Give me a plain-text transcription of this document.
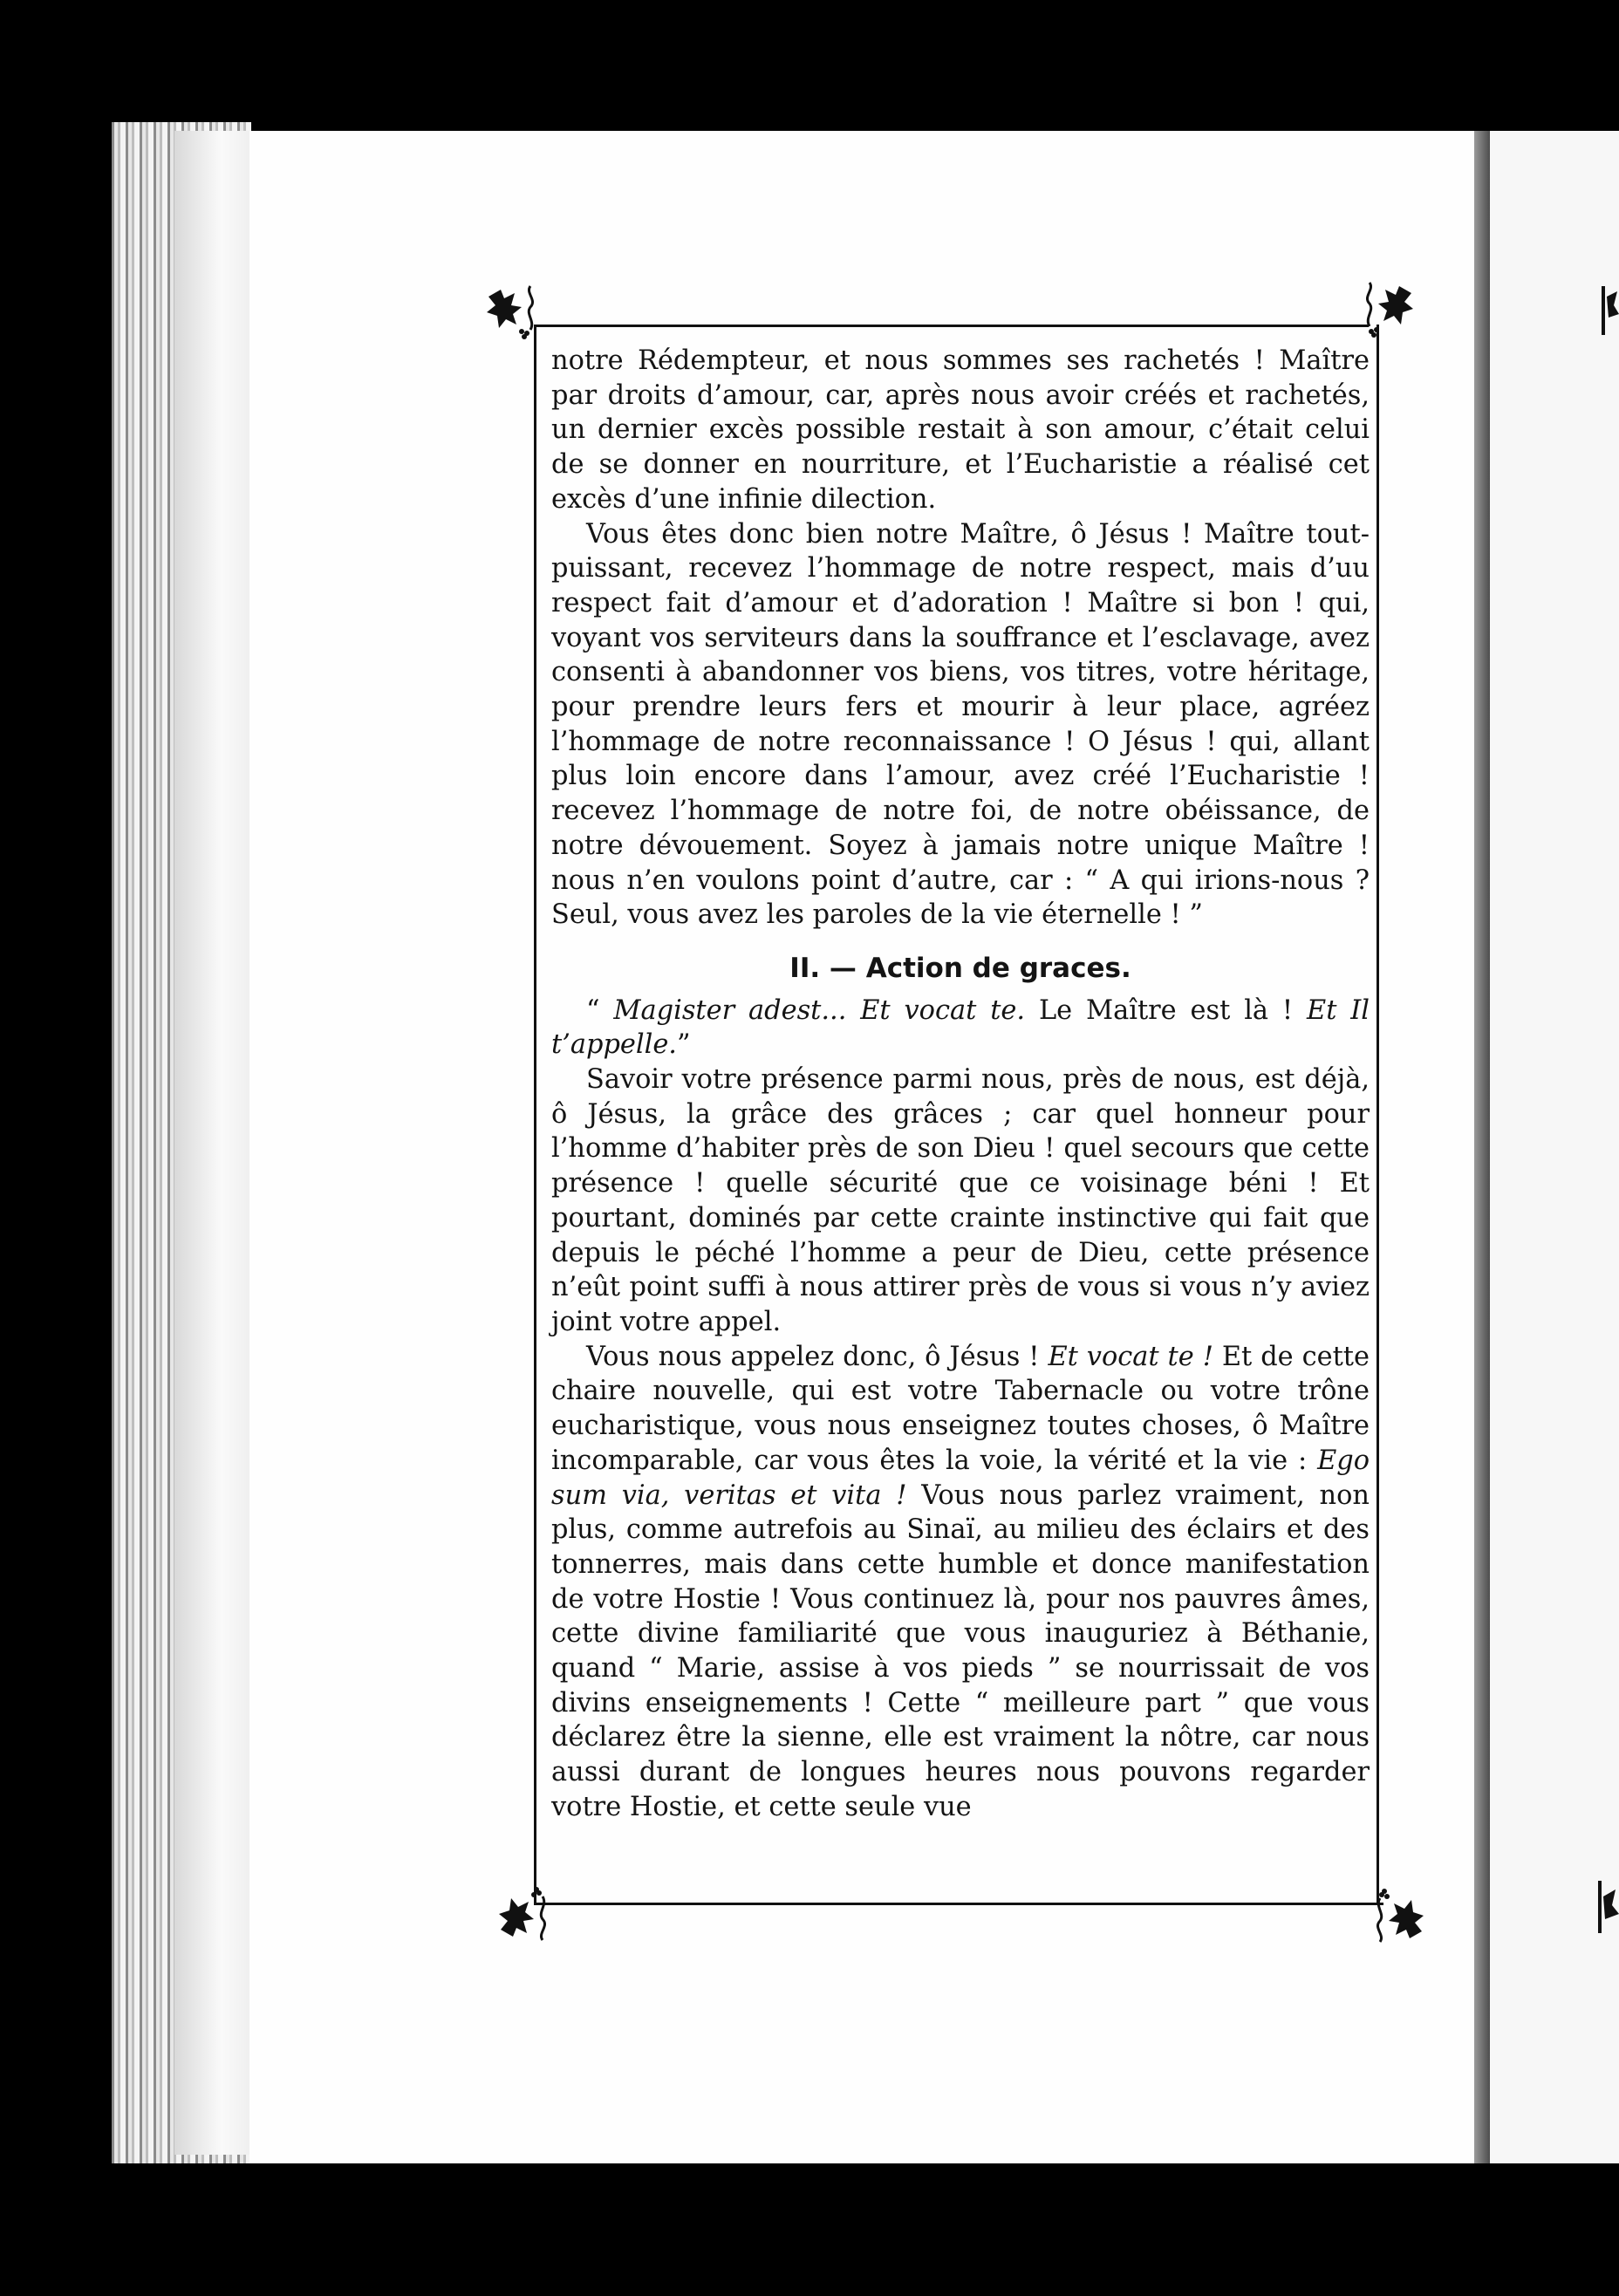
notre Rédempteur, et nous sommes ses rachetés ! Maître par droits d’amour, car, après nous avoir créés et rachetés, un dernier excès possible restait à son amour, c’était celui de se donner en nourriture, et l’Eucharistie a réalisé cet excès d’une infinie dilection.

Vous êtes donc bien notre Maître, ô Jésus ! Maître tout-puissant, recevez l’hommage de notre respect, mais d’uu respect fait d’amour et d’adoration ! Maître si bon ! qui, voyant vos serviteurs dans la souffrance et l’esclavage, avez consenti à abandonner vos biens, vos titres, votre héritage, pour prendre leurs fers et mourir à leur place, agréez l’hommage de notre reconnaissance ! O Jésus ! qui, allant plus loin encore dans l’amour, avez créé l’Eucharistie ! recevez l’hommage de notre foi, de notre obéissance, de notre dévouement. Soyez à jamais notre unique Maître ! nous n’en voulons point d’autre, car : “ A qui irions-nous ? Seul, vous avez les paroles de la vie éternelle ! ”

II. — Action de graces.

“ Magister adest... Et vocat te. Le Maître est là ! Et Il t’appelle.”

Savoir votre présence parmi nous, près de nous, est déjà, ô Jésus, la grâce des grâces ; car quel honneur pour l’homme d’habiter près de son Dieu ! quel secours que cette présence ! quelle sécurité que ce voisinage béni ! Et pourtant, dominés par cette crainte instinctive qui fait que depuis le péché l’homme a peur de Dieu, cette présence n’eût point suffi à nous attirer près de vous si vous n’y aviez joint votre appel.

Vous nous appelez donc, ô Jésus ! Et vocat te ! Et de cette chaire nouvelle, qui est votre Tabernacle ou votre trône eucharistique, vous nous enseignez toutes choses, ô Maître incomparable, car vous êtes la voie, la vérité et la vie : Ego sum via, veritas et vita ! Vous nous parlez vraiment, non plus, comme autrefois au Sinaï, au milieu des éclairs et des tonnerres, mais dans cette humble et donce manifestation de votre Hostie ! Vous continuez là, pour nos pauvres âmes, cette divine familiarité que vous inauguriez à Béthanie, quand “ Marie, assise à vos pieds ” se nourrissait de vos divins enseignements ! Cette “ meilleure part ” que vous déclarez être la sienne, elle est vraiment la nôtre, car nous aussi durant de longues heures nous pouvons regarder votre Hostie, et cette seule vue
